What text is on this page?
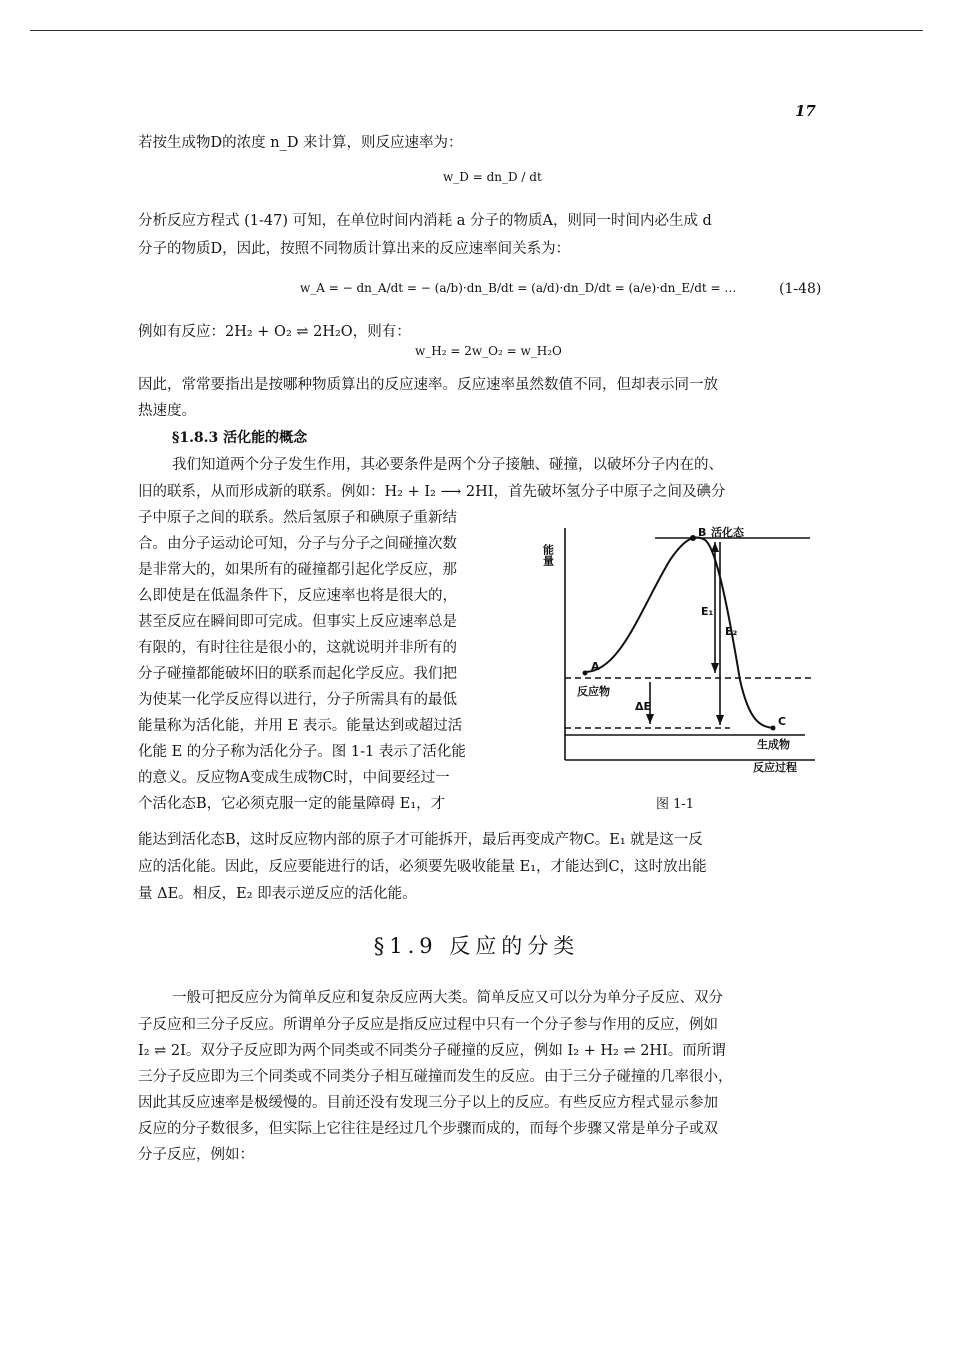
17
若按生成物D的浓度 n_D 来计算，则反应速率为：
w_D = dn_D / dt
分析反应方程式 (1-47) 可知，在单位时间内消耗 a 分子的物质A，则同一时间内必生成 d
分子的物质D，因此，按照不同物质计算出来的反应速率间关系为：
w_A = − dn_A/dt = − (a/b)·dn_B/dt = (a/d)·dn_D/dt = (a/e)·dn_E/dt = …	(1-48)
例如有反应：2H₂ + O₂ ⇌ 2H₂O，则有：
w_H₂ = 2w_O₂ = w_H₂O
因此，常常要指出是按哪种物质算出的反应速率。反应速率虽然数值不同，但却表示同一放
热速度。
§1.8.3 活化能的概念
我们知道两个分子发生作用，其必要条件是两个分子接触、碰撞，以破坏分子内在的、
旧的联系，从而形成新的联系。例如：H₂ + I₂ ⟶ 2HI，首先破坏氢分子中原子之间及碘分
子中原子之间的联系。然后氢原子和碘原子重新结
合。由分子运动论可知，分子与分子之间碰撞次数
是非常大的，如果所有的碰撞都引起化学反应，那
么即使是在低温条件下，反应速率也将是很大的，
甚至反应在瞬间即可完成。但事实上反应速率总是
有限的，有时往往是很小的，这就说明并非所有的
分子碰撞都能破坏旧的联系而起化学反应。我们把
为使某一化学反应得以进行，分子所需具有的最低
能量称为活化能，并用 E 表示。能量达到或超过活
化能 E 的分子称为活化分子。图 1-1 表示了活化能
的意义。反应物A变成生成物C时，中间要经过一
个活化态B，它必须克服一定的能量障碍 E₁，才
能量
B 活化态
A
反应物
C
生成物
反应过程
E₁
E₂
ΔE
图 1-1
能达到活化态B，这时反应物内部的原子才可能拆开，最后再变成产物C。E₁ 就是这一反
应的活化能。因此，反应要能进行的话，必须要先吸收能量 E₁，才能达到C，这时放出能
量 ΔE。相反，E₂ 即表示逆反应的活化能。
§1.9 反应的分类
一般可把反应分为简单反应和复杂反应两大类。简单反应又可以分为单分子反应、双分
子反应和三分子反应。所谓单分子反应是指反应过程中只有一个分子参与作用的反应，例如
I₂ ⇌ 2I。双分子反应即为两个同类或不同类分子碰撞的反应，例如 I₂ + H₂ ⇌ 2HI。而所谓
三分子反应即为三个同类或不同类分子相互碰撞而发生的反应。由于三分子碰撞的几率很小，
因此其反应速率是极缓慢的。目前还没有发现三分子以上的反应。有些反应方程式显示参加
反应的分子数很多，但实际上它往往是经过几个步骤而成的，而每个步骤又常是单分子或双
分子反应，例如：
